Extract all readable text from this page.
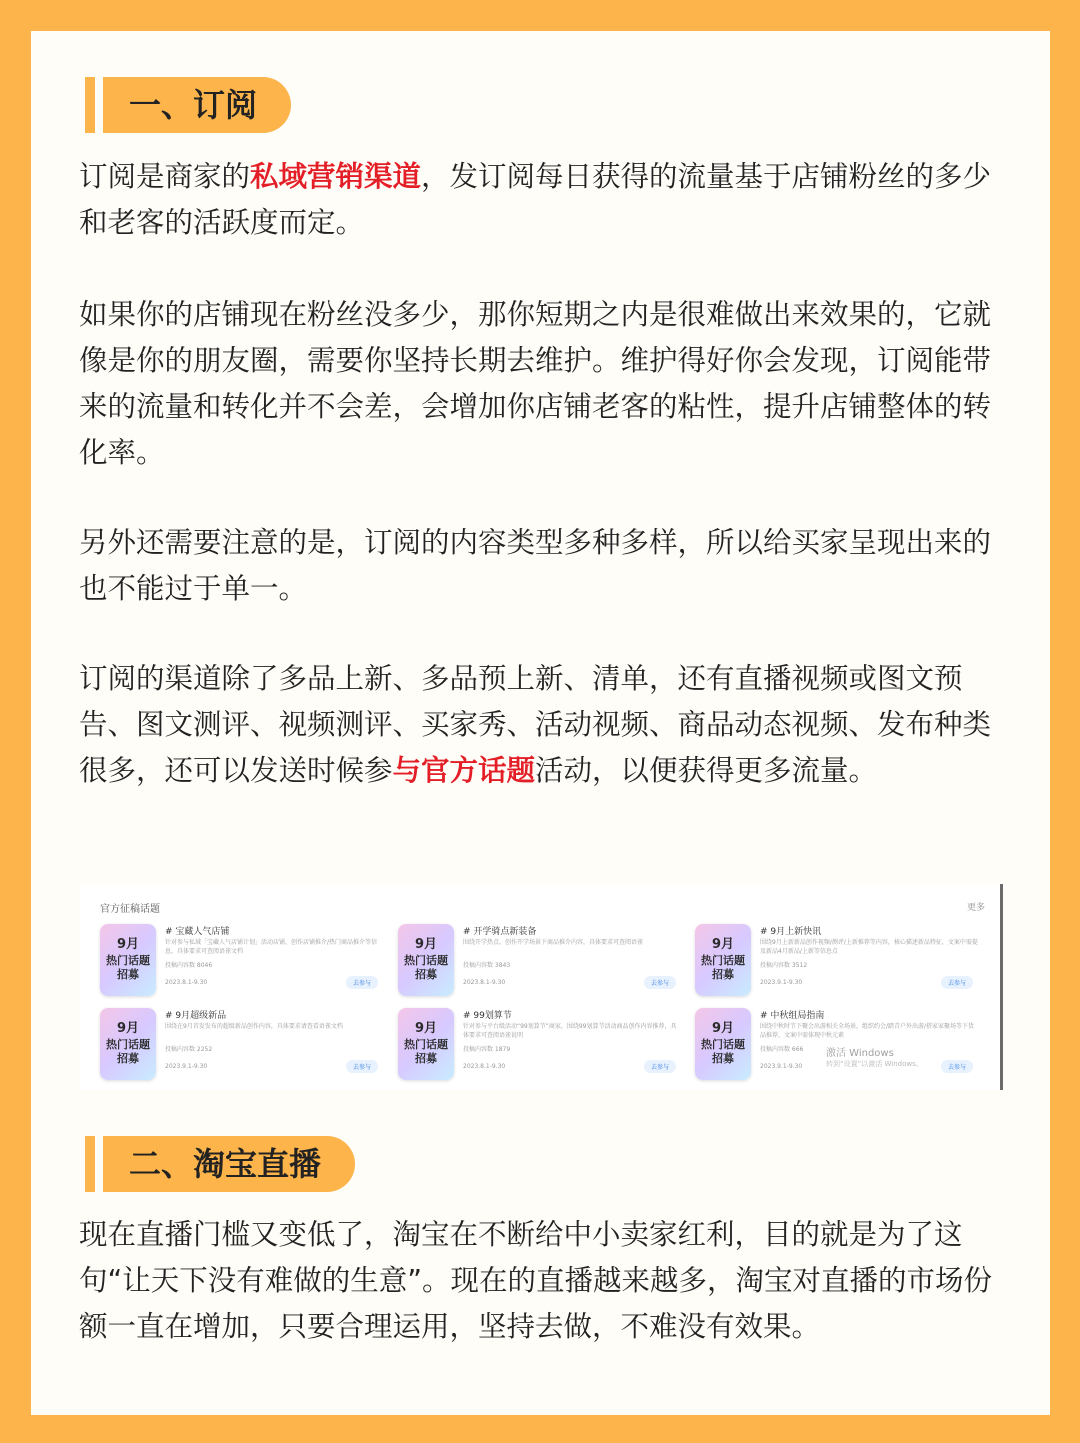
一、订阅
订阅是商家的私域营销渠道，发订阅每日获得的流量基于店铺粉丝的多少和老客的活跃度而定。
如果你的店铺现在粉丝没多少，那你短期之内是很难做出来效果的，它就像是你的朋友圈，需要你坚持长期去维护。维护得好你会发现，订阅能带来的流量和转化并不会差，会增加你店铺老客的粘性，提升店铺整体的转化率。
另外还需要注意的是，订阅的内容类型多种多样，所以给买家呈现出来的也不能过于单一。
订阅的渠道除了多品上新、多品预上新、清单，还有直播视频或图文预告、图文测评、视频测评、买家秀、活动视频、商品动态视频、发布种类很多，还可以发送时候参与官方话题活动，以便获得更多流量。
官方征稿话题	更多
9月
热门话题
招募
# 宝藏人气店铺
针对参与私域「宝藏人气店铺计划」活动店铺，创作店铺推介/热门商品推介等信息，具体要求可查阅语雀文档
投稿内容数 8046
2023.8.1-9.30	去参与
9月
热门话题
招募
# 开学骑点新装备
围绕开学热点，创作开学场景下商品推介内容，具体要求可查阅语雀
投稿内容数 3843
2023.8.1-9.30	去参与
9月
热门话题
招募
# 9月上新快讯
围绕9月上新新品创作视频/测评/上新推荐等内容，核心描述新品特征，文案中需提及新品4月新品/上新等信息点
投稿内容数 3512
2023.9.1-9.30	去参与
9月
热门话题
招募
# 9月超级新品
围绕在9月首发发布的超级新品创作内容，具体要求请查看语雀文档
投稿内容数 2252
2023.9.1-9.30	去参与
9月
热门话题
招募
# 99划算节
针对参与平台级活动“99划算节”商家，围绕99划算节活动商品创作内容推荐，具体要求可查阅语雀说明
投稿内容数 1879
2023.8.1-9.30	去参与
9月
热门话题
招募
# 中秋组局指南
围绕中秋时节下聚会出游相关全场景，组织约会/踏青户外出游/搭家家聚场等下货品推荐，文案中需体现中秋元素
投稿内容数 666
2023.9.1-9.30	去参与
激活 Windows
转到“设置”以激活 Windows。
二、淘宝直播
现在直播门槛又变低了，淘宝在不断给中小卖家红利，目的就是为了这句“让天下没有难做的生意”。现在的直播越来越多，淘宝对直播的市场份额一直在增加，只要合理运用，坚持去做，不难没有效果。
